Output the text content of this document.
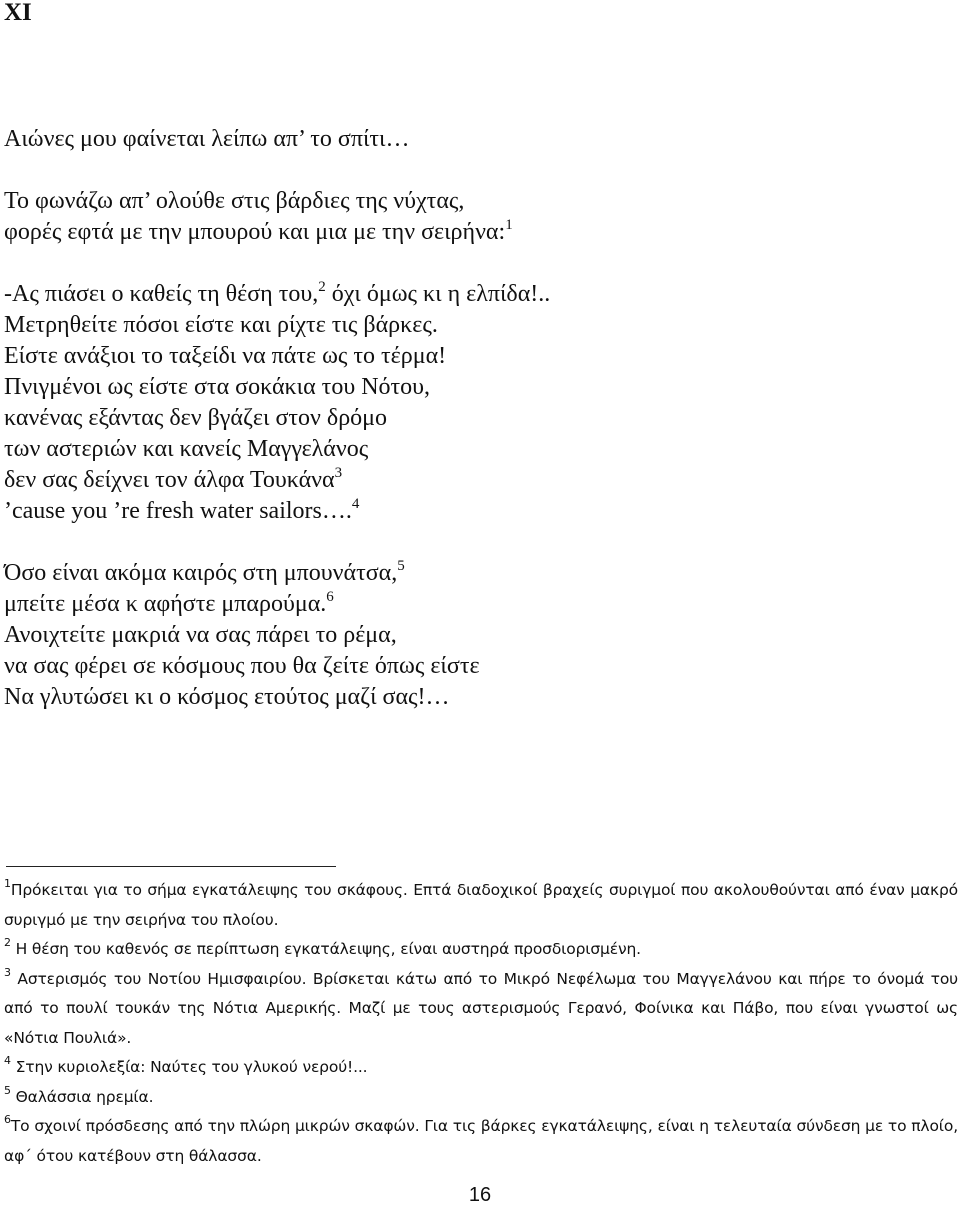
XI
Αιώνες μου φαίνεται λείπω απ’ το σπίτι…
Το φωνάζω απ’ ολούθε στις βάρδιες της νύχτας,
φορές εφτά με την μπουρού και μια με την σειρήνα:$^1$
-Ας πιάσει ο καθείς τη θέση του,$^2$ όχι όμως κι η ελπίδα!..
Μετρηθείτε πόσοι είστε και ρίχτε τις βάρκες.
Είστε ανάξιοι το ταξείδι να πάτε ως το τέρμα!
Πνιγμένοι ως είστε στα σοκάκια του Νότου,
κανένας εξάντας δεν βγάζει στον δρόμο
των αστεριών και κανείς Μαγγελάνος
δεν σας δείχνει τον άλφα Τουκάνα$^3$
’cause you ’re fresh water sailors….$^4$
Όσο είναι ακόμα καιρός στη μπουνάτσα,$^5$
μπείτε μέσα κ αφήστε μπαρούμα.$^6$
Ανοιχτείτε μακριά να σας πάρει το ρέμα,
να σας φέρει σε κόσμους που θα ζείτε όπως είστε
Να γλυτώσει κι ο κόσμος ετούτος μαζί σας!…
$^1$Πρόκειται για το σήμα εγκατάλειψης του σκάφους. Επτά διαδοχικοί βραχείς συριγμοί που ακολουθούνται από έναν μακρό συριγμό με την σειρήνα του πλοίου.
$^2$ Η θέση του καθενός σε περίπτωση εγκατάλειψης, είναι αυστηρά προσδιορισμένη.
$^3$ Αστερισμός του Νοτίου Ημισφαιρίου. Βρίσκεται κάτω από το Μικρό Νεφέλωμα του Μαγγελάνου και πήρε το όνομά του από το πουλί τουκάν της Νότια Αμερικής. Μαζί με τους αστερισμούς Γερανό, Φοίνικα και Πάβο, που είναι γνωστοί ως «Νότια Πουλιά».
$^4$ Στην κυριολεξία: Ναύτες του γλυκού νερού!...
$^5$ Θαλάσσια ηρεμία.
$^6$Το σχοινί πρόσδεσης από την πλώρη μικρών σκαφών. Για τις βάρκες εγκατάλειψης, είναι η τελευταία σύνδεση με το πλοίο, αφ΄ ότου κατέβουν στη θάλασσα.
16
